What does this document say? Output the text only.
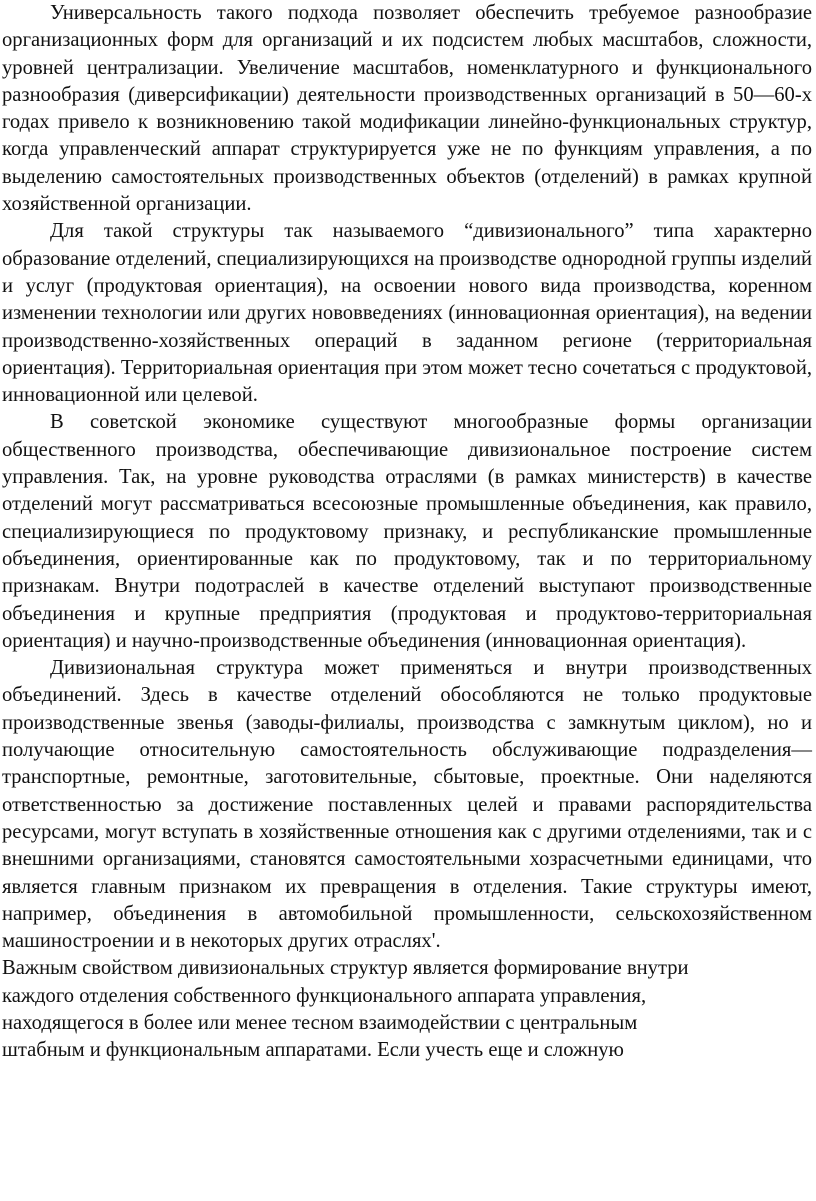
Универсальность такого подхода позволяет обеспечить требуемое разнообразие организационных форм для организаций и их подсистем любых масштабов, сложности, уровней централизации. Увеличение масштабов, номенклатурного и функционального разнообразия (диверсификации) деятельности производственных организаций в 50—60-х годах привело к возникновению такой модификации линейно-функциональных структур, когда управленческий аппарат структурируется уже не по функциям управления, а по выделению самостоятельных производственных объектов (отделений) в рамках крупной хозяйственной организации.

Для такой структуры так называемого “дивизионального” типа характерно образование отделений, специализирующихся на производстве однородной группы изделий и услуг (продуктовая ориентация), на освоении нового вида производства, коренном изменении технологии или других нововведениях (инновационная ориентация), на ведении производственно-хозяйственных операций в заданном регионе (территориальная ориентация). Территориальная ориентация при этом может тесно сочетаться с продуктовой, инновационной или целевой.

В советской экономике существуют многообразные формы организации общественного производства, обеспечивающие дивизиональное построение систем управления. Так, на уровне руководства отраслями (в рамках министерств) в качестве отделений могут рассматриваться всесоюзные промышленные объединения, как правило, специализирующиеся по продуктовому признаку, и республиканские промышленные объединения, ориентированные как по продуктовому, так и по территориальному признакам. Внутри подотраслей в качестве отделений выступают производственные объединения и крупные предприятия (продуктовая и продуктово-территориальная ориентация) и научно-производственные объединения (инновационная ориентация).

Дивизиональная структура может применяться и внутри производственных объединений. Здесь в качестве отделений обособляются не только продуктовые производственные звенья (заводы-филиалы, производства с замкнутым циклом), но и получающие относительную самостоятельность обслуживающие подразделения—транспортные, ремонтные, заготовительные, сбытовые, проектные. Они наделяются ответственностью за достижение поставленных целей и правами распорядительства ресурсами, могут вступать в хозяйственные отношения как с другими отделениями, так и с внешними организациями, становятся самостоятельными хозрасчетными единицами, что является главным признаком их превращения в отделения. Такие структуры имеют, например, объединения в автомобильной промышленности, сельскохозяйственном машиностроении и в некоторых других отраслях'.

Важным свойством дивизиональных структур является формирование внутри
каждого отделения собственного функционального аппарата управления,
находящегося в более или менее тесном взаимодействии с центральным
штабным и функциональным аппаратами. Если учесть еще и сложную
